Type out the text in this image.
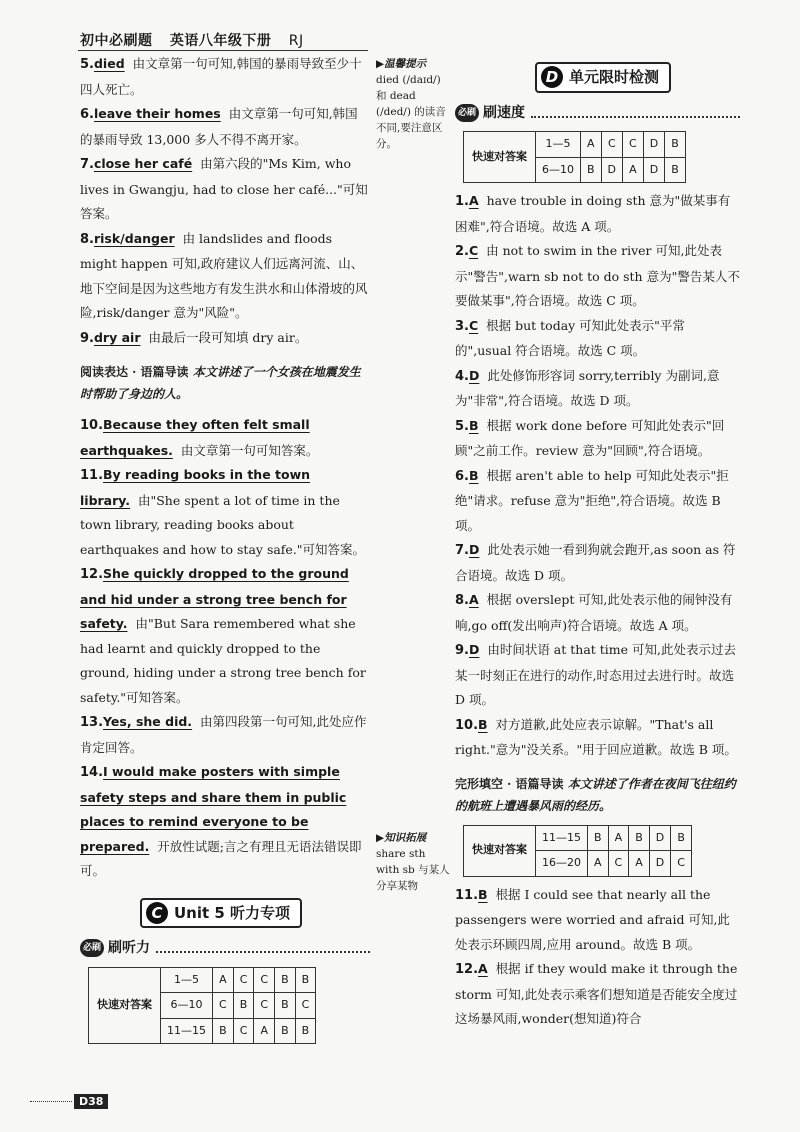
初中必刷题 英语八年级下册 RJ

5.died 由文章第一句可知,韩国的暴雨导致至少十四人死亡。

6.leave their homes 由文章第一句可知,韩国的暴雨导致 13,000 多人不得不离开家。

7.close her café 由第六段的"Ms Kim, who lives in Gwangju, had to close her café..."可知答案。

8.risk/danger 由 landslides and floods might happen 可知,政府建议人们远离河流、山、地下空间是因为这些地方有发生洪水和山体滑坡的风险,risk/danger 意为"风险"。

9.dry air 由最后一段可知填 dry air。

阅读表达 · 语篇导读 本文讲述了一个女孩在地震发生时帮助了身边的人。

10.Because they often felt small earthquakes. 由文章第一句可知答案。

11.By reading books in the town library. 由"She spent a lot of time in the town library, reading books about earthquakes and how to stay safe."可知答案。

12.She quickly dropped to the ground and hid under a strong tree bench for safety. 由"But Sara remembered what she had learnt and quickly dropped to the ground, hiding under a strong tree bench for safety."可知答案。

13.Yes, she did. 由第四段第一句可知,此处应作肯定回答。

14.I would make posters with simple safety steps and share them in public places to remind everyone to be prepared. 开放性试题;言之有理且无语法错误即可。

C Unit 5 听力专项
必刷 刷听力
快速对答案	1—5	A	C	C	B	B
	6—10	C	B	C	B	C
	11—15	B	C	A	B	B
▶温馨提示
died (/daɪd/) 和 dead (/ded/) 的读音不同,要注意区分。
▶知识拓展
share sth with sb 与某人分享某物
D 单元限时检测
必刷 刷速度
快速对答案	1—5	A	C	C	D	B
	6—10	B	D	A	D	B

1.A have trouble in doing sth 意为"做某事有困难",符合语境。故选 A 项。

2.C 由 not to swim in the river 可知,此处表示"警告",warn sb not to do sth 意为"警告某人不要做某事",符合语境。故选 C 项。

3.C 根据 but today 可知此处表示"平常的",usual 符合语境。故选 C 项。

4.D 此处修饰形容词 sorry,terribly 为副词,意为"非常",符合语境。故选 D 项。

5.B 根据 work done before 可知此处表示"回顾"之前工作。review 意为"回顾",符合语境。

6.B 根据 aren't able to help 可知此处表示"拒绝"请求。refuse 意为"拒绝",符合语境。故选 B 项。

7.D 此处表示她一看到狗就会跑开,as soon as 符合语境。故选 D 项。

8.A 根据 overslept 可知,此处表示他的闹钟没有响,go off(发出响声)符合语境。故选 A 项。

9.D 由时间状语 at that time 可知,此处表示过去某一时刻正在进行的动作,时态用过去进行时。故选 D 项。

10.B 对方道歉,此处应表示谅解。"That's all right."意为"没关系。"用于回应道歉。故选 B 项。

完形填空 · 语篇导读 本文讲述了作者在夜间飞往纽约的航班上遭遇暴风雨的经历。
快速对答案	11—15	B	A	B	D	B
	16—20	A	C	A	D	C

11.B 根据 I could see that nearly all the passengers were worried and afraid 可知,此处表示环顾四周,应用 around。故选 B 项。

12.A 根据 if they would make it through the storm 可知,此处表示乘客们想知道是否能安全度过这场暴风雨,wonder(想知道)符合

D38
